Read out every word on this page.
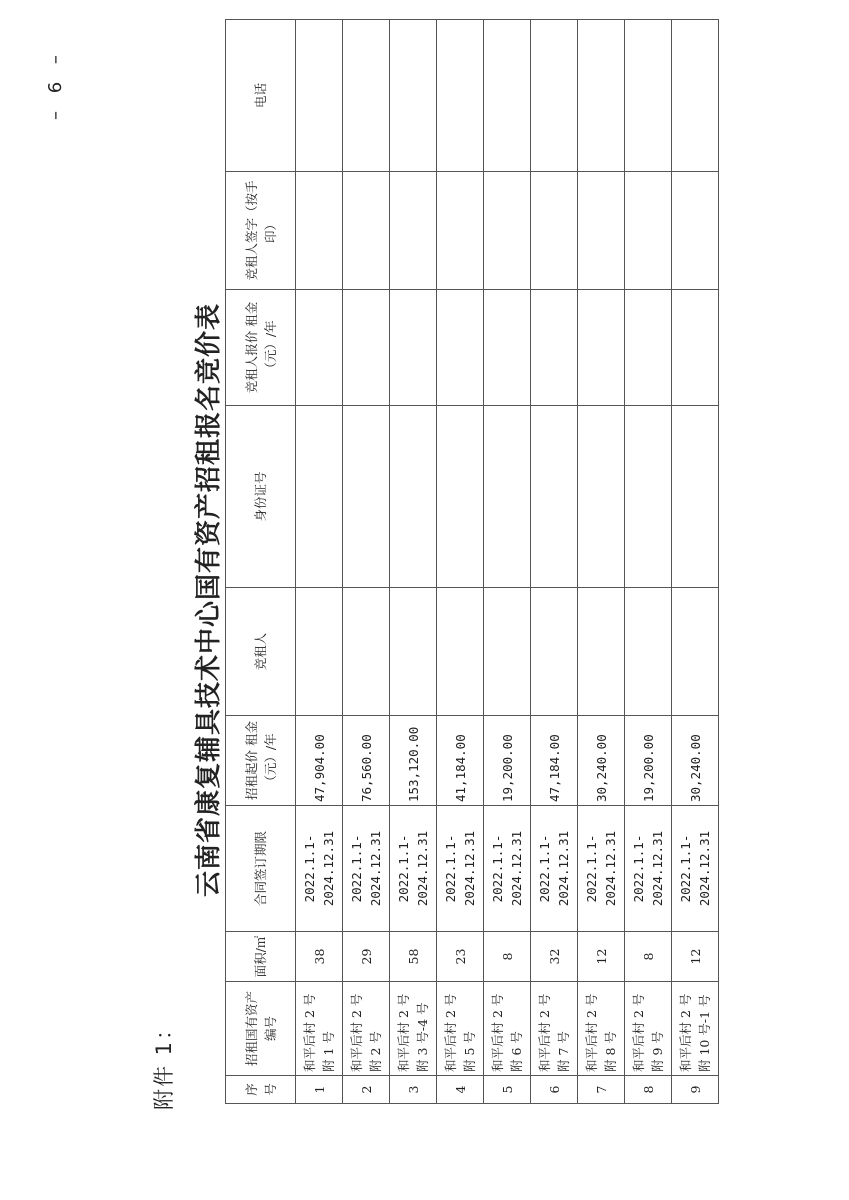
附件 1：
云南省康复辅具技术中心国有资产招租报名竞价表
序号	招租国有资产编号	面积/㎡	合同签订期限	招租起价 租金（元）/年	竞租人	身份证号	竞租人报价 租金（元）/年	竞租人签字（按手印）	电话
1	和平后村 2 号附 1 号	38	2022.1.1-2024.12.31	47,904.00					
2	和平后村 2 号附 2 号	29	2022.1.1-2024.12.31	76,560.00					
3	和平后村 2 号附 3 号-4 号	58	2022.1.1-2024.12.31	153,120.00					
4	和平后村 2 号附 5 号	23	2022.1.1-2024.12.31	41,184.00					
5	和平后村 2 号附 6 号	8	2022.1.1-2024.12.31	19,200.00					
6	和平后村 2 号附 7 号	32	2022.1.1-2024.12.31	47,184.00					
7	和平后村 2 号附 8 号	12	2022.1.1-2024.12.31	30,240.00					
8	和平后村 2 号附 9 号	8	2022.1.1-2024.12.31	19,200.00					
9	和平后村 2 号附 10 号-1 号	12	2022.1.1-2024.12.31	30,240.00					
– 6 –
